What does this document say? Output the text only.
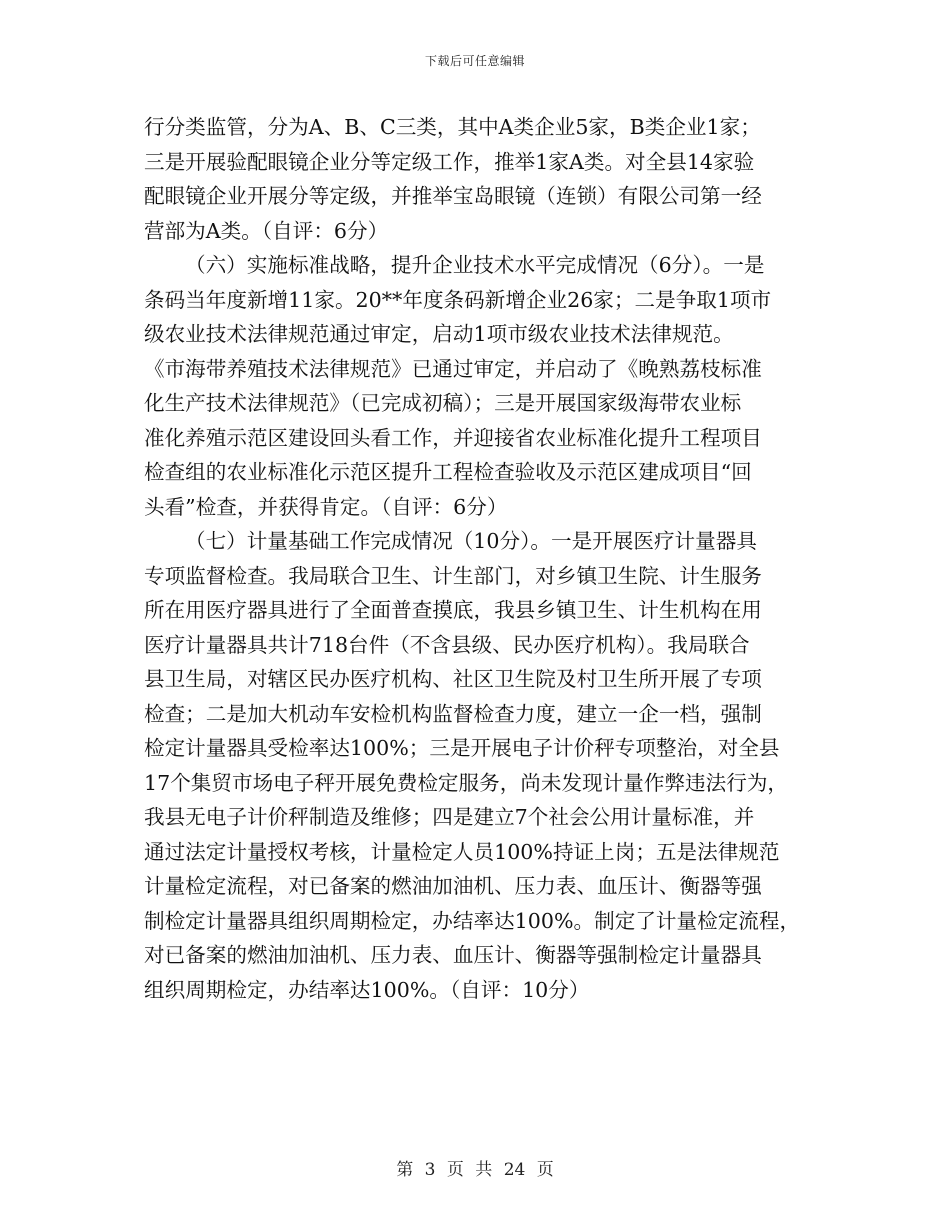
下载后可任意编辑
行分类监管，分为A、B、C三类，其中A类企业5家，B类企业1家；
三是开展验配眼镜企业分等定级工作，推举1家A类。对全县14家验
配眼镜企业开展分等定级，并推举宝岛眼镜（连锁）有限公司第一经
营部为A类。（自评：6分）
（六）实施标准战略，提升企业技术水平完成情况（6分）。一是
条码当年度新增11家。20**年度条码新增企业26家；二是争取1项市
级农业技术法律规范通过审定，启动1项市级农业技术法律规范。
《市海带养殖技术法律规范》已通过审定，并启动了《晚熟荔枝标准
化生产技术法律规范》（已完成初稿）；三是开展国家级海带农业标
准化养殖示范区建设回头看工作，并迎接省农业标准化提升工程项目
检查组的农业标准化示范区提升工程检查验收及示范区建成项目“回
头看”检查，并获得肯定。（自评：6分）
（七）计量基础工作完成情况（10分）。一是开展医疗计量器具
专项监督检查。我局联合卫生、计生部门，对乡镇卫生院、计生服务
所在用医疗器具进行了全面普查摸底，我县乡镇卫生、计生机构在用
医疗计量器具共计718台件（不含县级、民办医疗机构）。我局联合
县卫生局，对辖区民办医疗机构、社区卫生院及村卫生所开展了专项
检查；二是加大机动车安检机构监督检查力度，建立一企一档，强制
检定计量器具受检率达100%；三是开展电子计价秤专项整治，对全县
17个集贸市场电子秤开展免费检定服务，尚未发现计量作弊违法行为，
我县无电子计价秤制造及维修；四是建立7个社会公用计量标准，并
通过法定计量授权考核，计量检定人员100%持证上岗；五是法律规范
计量检定流程，对已备案的燃油加油机、压力表、血压计、衡器等强
制检定计量器具组织周期检定，办结率达100%。制定了计量检定流程，
对已备案的燃油加油机、压力表、血压计、衡器等强制检定计量器具
组织周期检定，办结率达100%。（自评：10分）
第 3 页 共 24 页
